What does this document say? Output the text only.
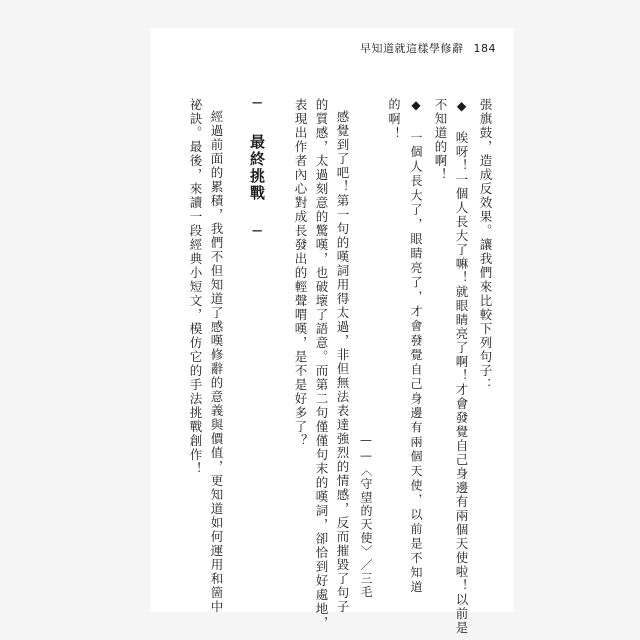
早知道就這樣學修辭 184
張旗鼓，造成反效果。讓我們來比較下列句子：
◆ 唉呀！一個人長大了嘛！就眼睛亮了啊！才會發覺自己身邊有兩個天使啦！以前是
不知道的啊！
◆ 一個人長大了，眼睛亮了，才會發覺自己身邊有兩個天使，以前是不知道
的啊！
——〈守望的天使〉／三毛
感覺到了吧！第一句的嘆詞用得太過，非但無法表達強烈的情感，反而摧毀了句子
的質感，太過刻意的驚嘆，也破壞了語意。而第二句僅僅句末的嘆詞，卻恰到好處地，
表現出作者內心對成長發出的輕聲喟嘆，是不是好多了？
─ 最終挑戰 ─
經過前面的累積，我們不但知道了感嘆修辭的意義與價值，更知道如何運用和箇中
祕訣。最後，來讀一段經典小短文，模仿它的手法挑戰創作！
